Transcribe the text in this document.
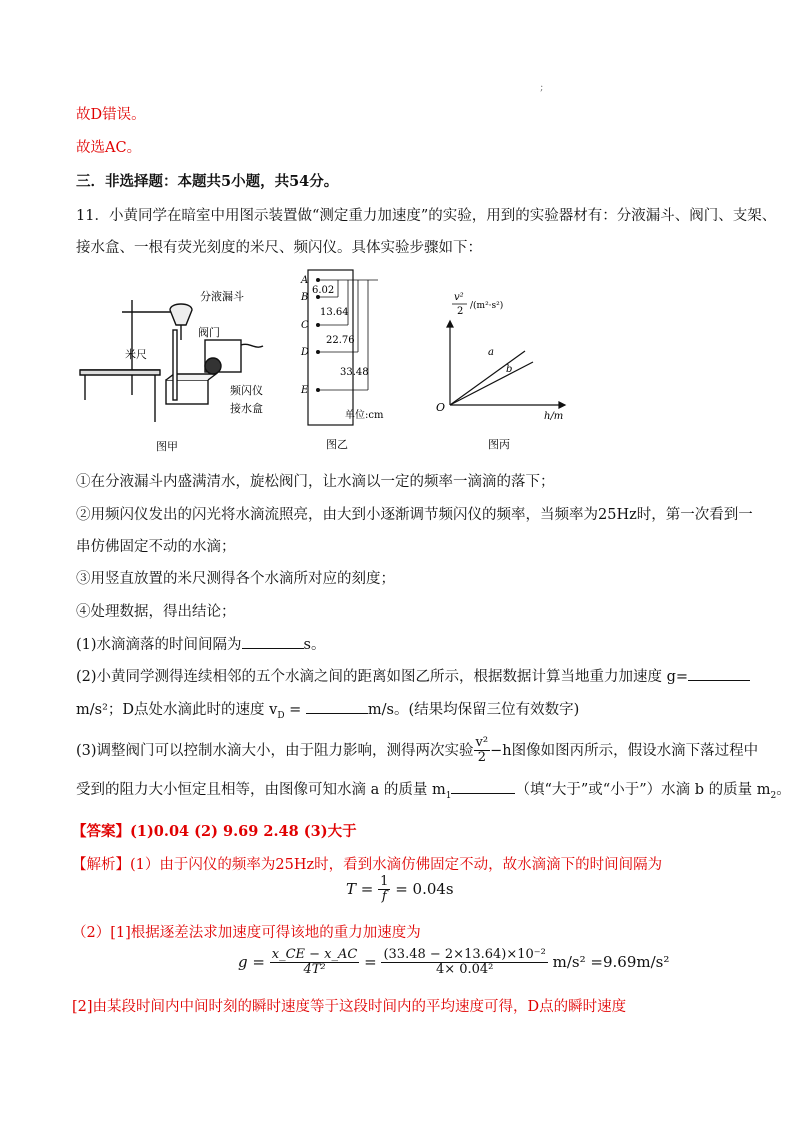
;
故D错误。
故选AC。
三．非选择题：本题共5小题，共54分。
11．小黄同学在暗室中用图示装置做“测定重力加速度”的实验，用到的实验器材有：分液漏斗、阀门、支架、
接水盒、一根有荧光刻度的米尺、频闪仪。具体实验步骤如下：
分液漏斗
阀门
米尺
频闪仪
接水盒
图甲
A
B
C
D
E
6.02
13.64
22.76
33.48
单位:cm
图乙
v²
2 /(m²·s²)
a
b
O
h/m
图丙
①在分液漏斗内盛满清水，旋松阀门，让水滴以一定的频率一滴滴的落下；
②用频闪仪发出的闪光将水滴流照亮，由大到小逐渐调节频闪仪的频率，当频率为25Hz时，第一次看到一
串仿佛固定不动的水滴；
③用竖直放置的米尺测得各个水滴所对应的刻度；
④处理数据，得出结论；
(1)水滴滴落的时间间隔为	s。
(2)小黄同学测得连续相邻的五个水滴之间的距离如图乙所示，根据数据计算当地重力加速度 g=
m/s²；D点处水滴此时的速度 $v_D$ =	m/s。(结果均保留三位有效数字)
(3)调整阀门可以控制水滴大小，由于阻力影响，测得两次实验 $\frac{\text{v²}}{2} -h$图像如图丙所示，假设水滴下落过程中
受到的阻力大小恒定且相等，由图像可知水滴 a 的质量 $m_1$	（填“大于”或“小于”）水滴 b 的质量 $m_2$。
【答案】(1)0.04 (2) 9.69 2.48 (3)大于
【解析】(1）由于闪仪的频率为25Hz时，看到水滴仿佛固定不动，故水滴滴下的时间间隔为
$T = \frac{1}{f} = 0.04s$
（2）[1]根据逐差法求加速度可得该地的重力加速度为
$g = \frac{x\_CE - x\_AC}{\text{4T²}} = \frac{\text{(33.48 − 2×13.64)×10⁻²}}{\text{4× 0.04²}} m/s^2 =9.69m/s^2$
[2]由某段时间内中间时刻的瞬时速度等于这段时间内的平均速度可得，D点的瞬时速度
